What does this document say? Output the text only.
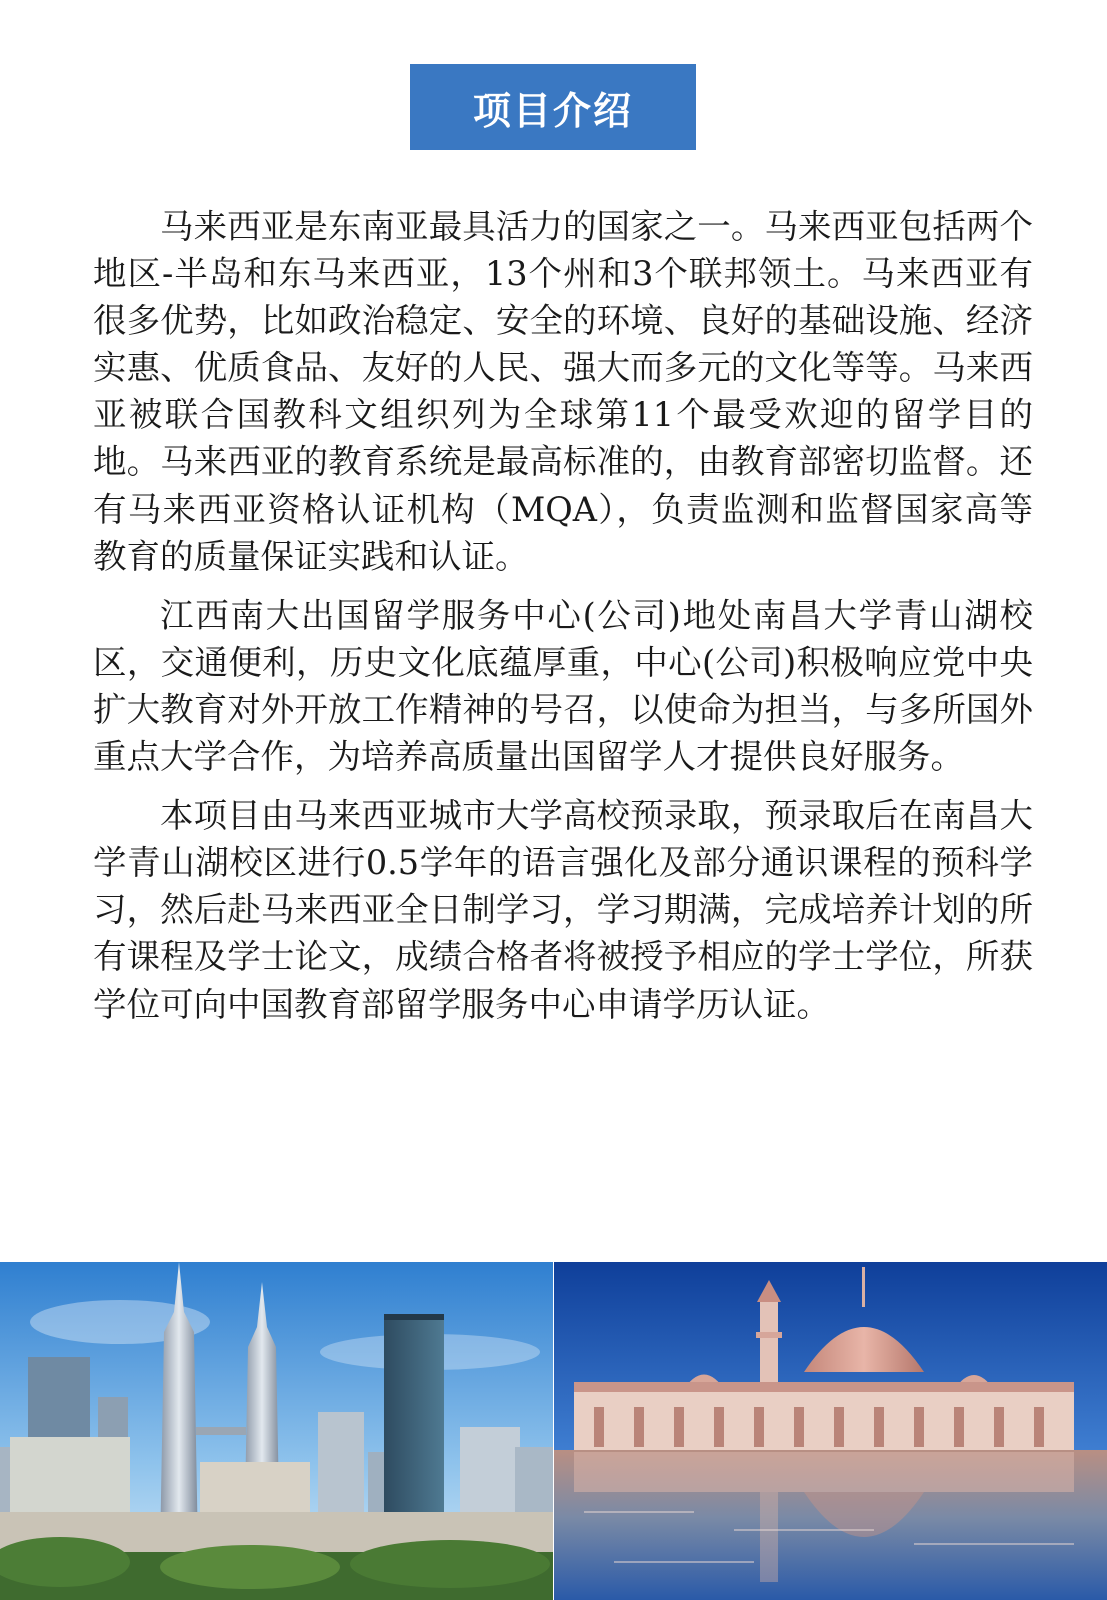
项目介绍

马来西亚是东南亚最具活力的国家之一。马来西亚包括两个地区-半岛和东马来西亚，13个州和3个联邦领土。马来西亚有很多优势，比如政治稳定、安全的环境、良好的基础设施、经济实惠、优质食品、友好的人民、强大而多元的文化等等。马来西亚被联合国教科文组织列为全球第11个最受欢迎的留学目的地。马来西亚的教育系统是最高标准的，由教育部密切监督。还有马来西亚资格认证机构（MQA），负责监测和监督国家高等教育的质量保证实践和认证。

江西南大出国留学服务中心(公司)地处南昌大学青山湖校区，交通便利，历史文化底蕴厚重，中心(公司)积极响应党中央扩大教育对外开放工作精神的号召，以使命为担当，与多所国外重点大学合作，为培养高质量出国留学人才提供良好服务。

本项目由马来西亚城市大学高校预录取，预录取后在南昌大学青山湖校区进行0.5学年的语言强化及部分通识课程的预科学习，然后赴马来西亚全日制学习，学习期满，完成培养计划的所有课程及学士论文，成绩合格者将被授予相应的学士学位，所获学位可向中国教育部留学服务中心申请学历认证。
